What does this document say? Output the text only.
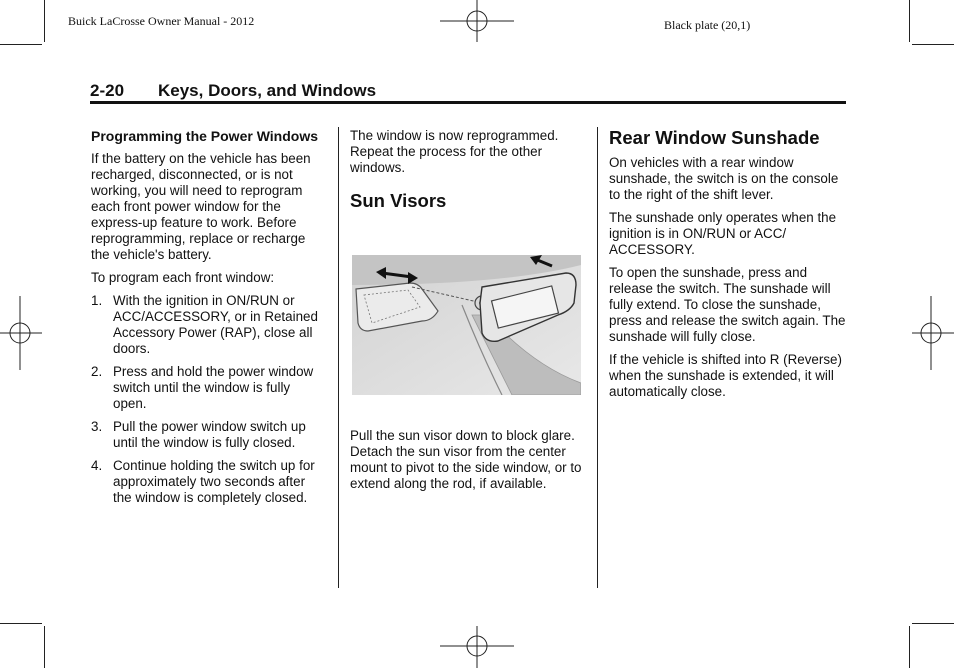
Buick LaCrosse Owner Manual - 2012	Black plate (20,1)
2-20 Keys, Doors, and Windows
Programming the Power Windows

If the battery on the vehicle has been recharged, disconnected, or is not working, you will need to reprogram each front power window for the express-up feature to work. Before reprogramming, replace or recharge the vehicle's battery.

To program each front window:

1. With the ignition in ON/RUN or ACC/ACCESSORY, or in Retained Accessory Power (RAP), close all doors.
2. Press and hold the power window switch until the window is fully open.
3. Pull the power window switch up until the window is fully closed.
4. Continue holding the switch up for approximately two seconds after the window is completely closed.

The window is now reprogrammed. Repeat the process for the other windows.

Sun Visors

Pull the sun visor down to block glare. Detach the sun visor from the center mount to pivot to the side window, or to extend along the rod, if available.

Rear Window Sunshade

On vehicles with a rear window sunshade, the switch is on the console to the right of the shift lever.

The sunshade only operates when the ignition is in ON/RUN or ACC/ ACCESSORY.

To open the sunshade, press and release the switch. The sunshade will fully extend. To close the sunshade, press and release the switch again. The sunshade will fully close.

If the vehicle is shifted into R (Reverse) when the sunshade is extended, it will automatically close.
